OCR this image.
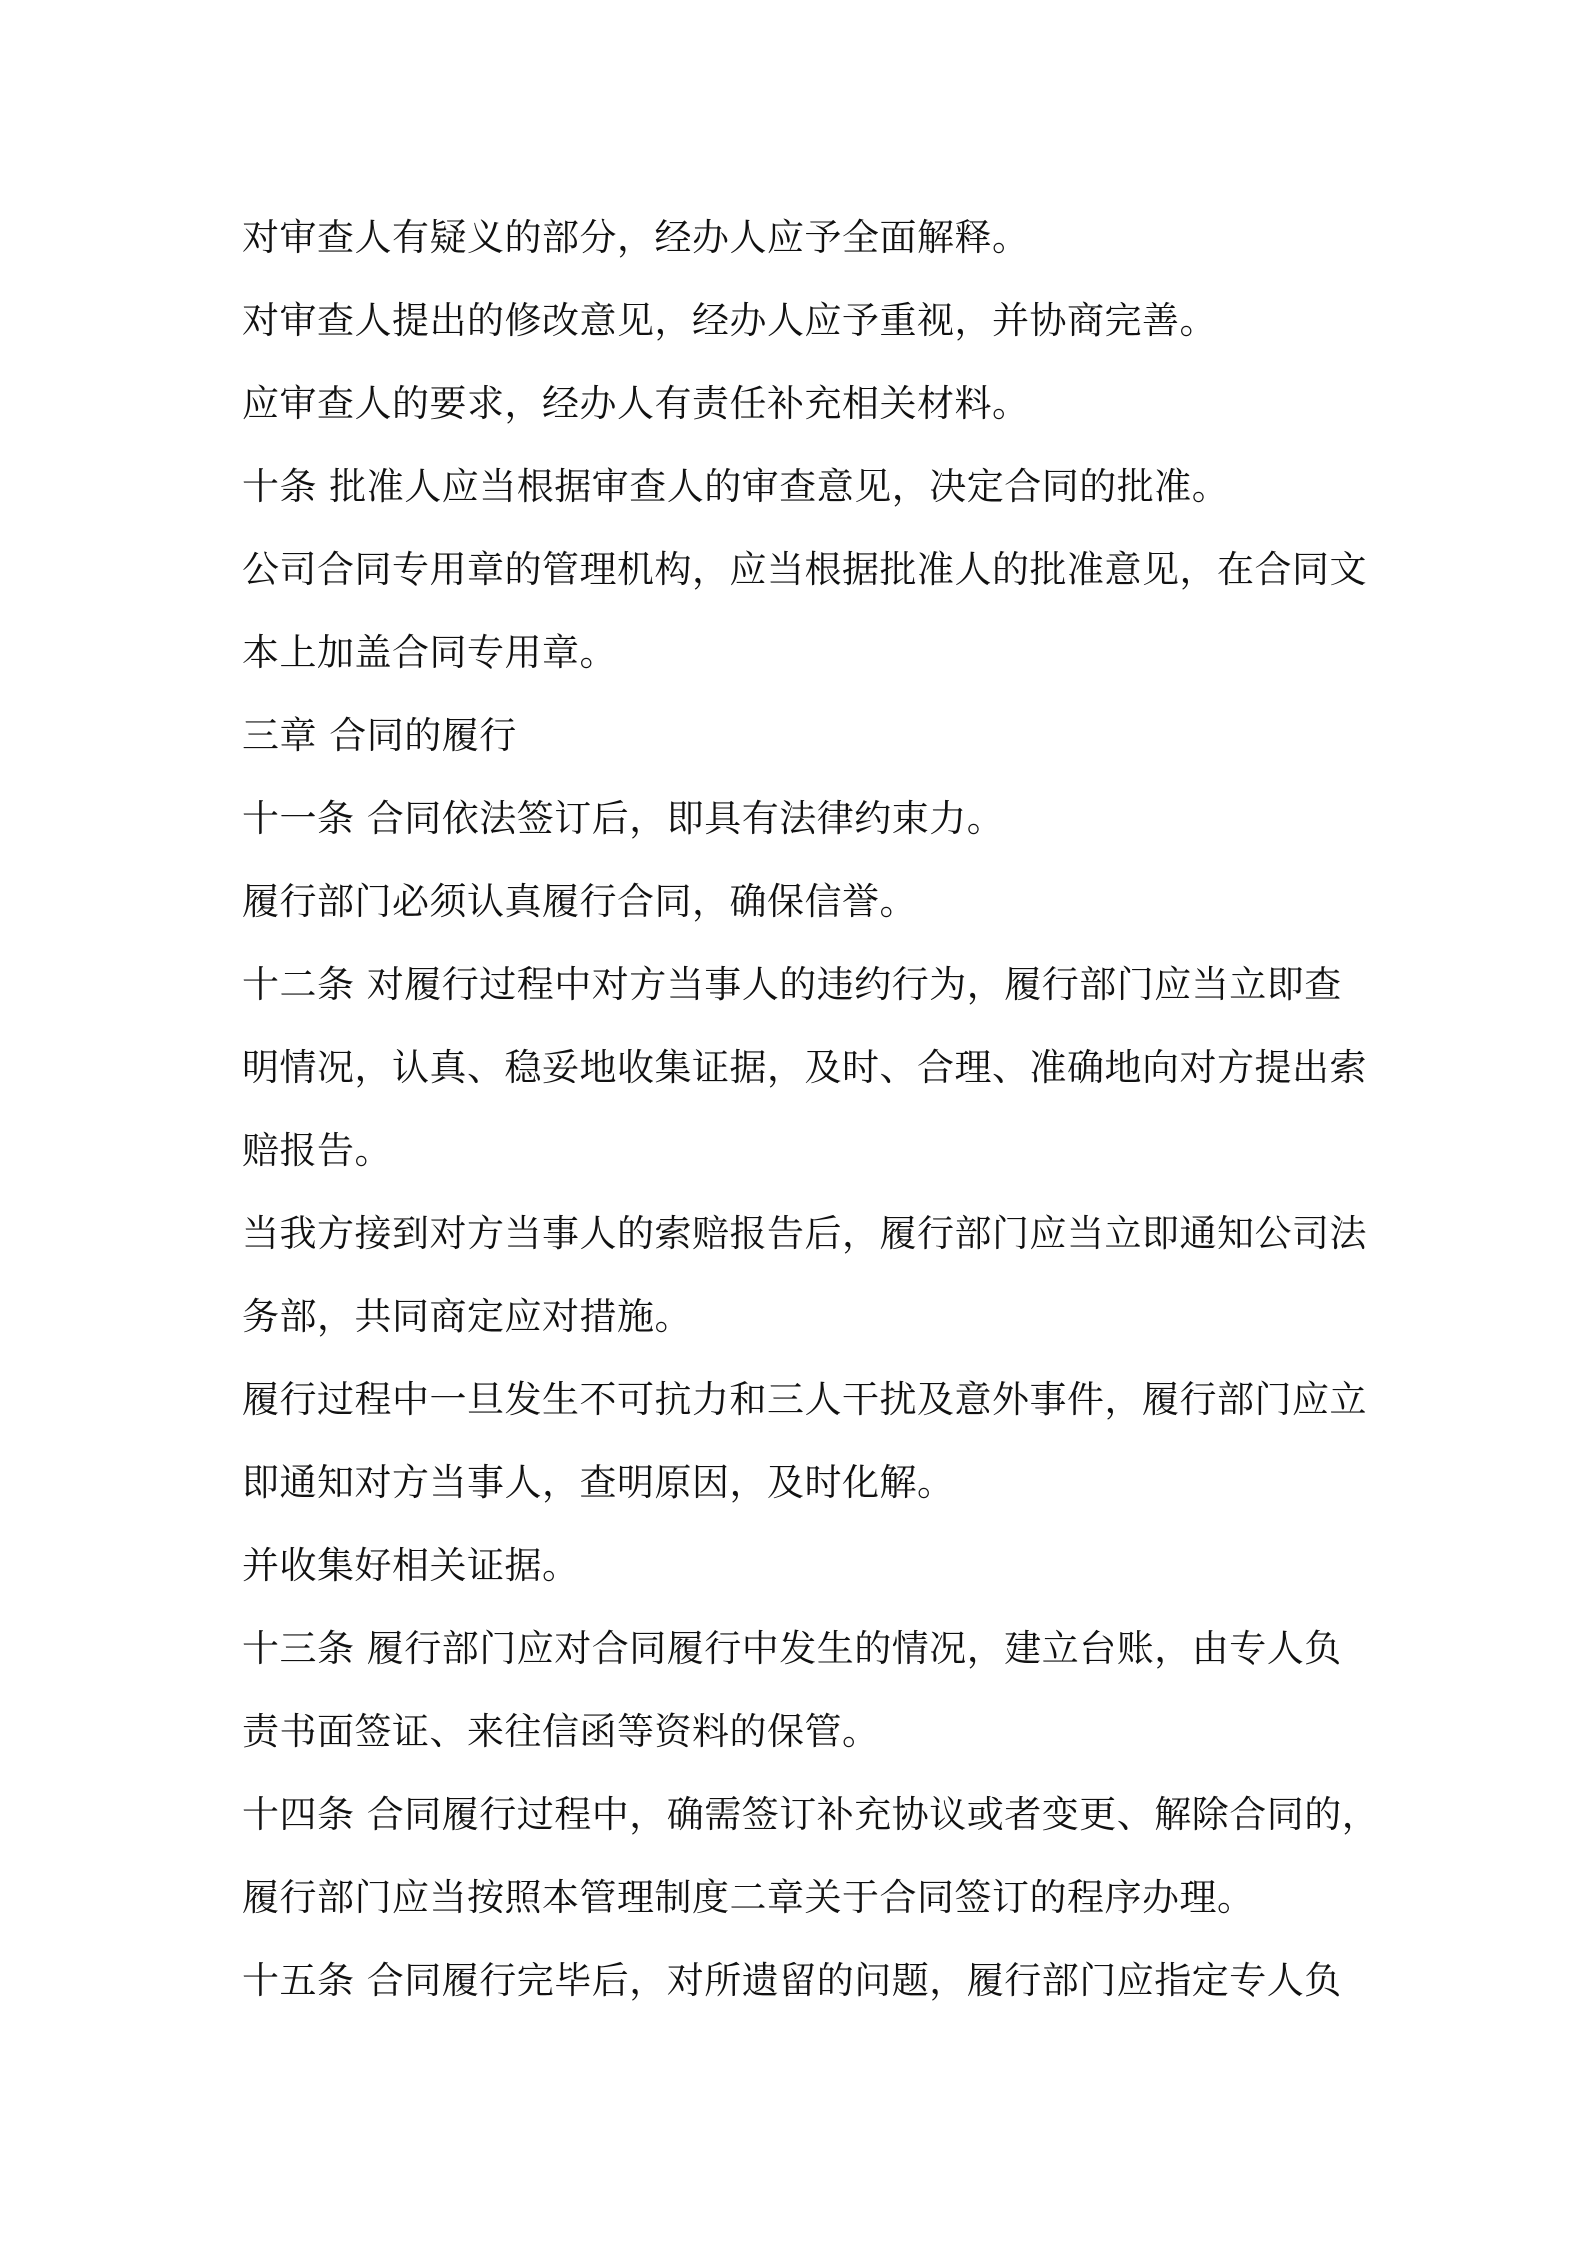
对审查人有疑义的部分，经办人应予全面解释。
对审查人提出的修改意见，经办人应予重视，并协商完善。
应审查人的要求，经办人有责任补充相关材料。
十条 批准人应当根据审查人的审查意见，决定合同的批准。
公司合同专用章的管理机构，应当根据批准人的批准意见，在合同文
本上加盖合同专用章。
三章 合同的履行
十一条 合同依法签订后，即具有法律约束力。
履行部门必须认真履行合同，确保信誉。
十二条 对履行过程中对方当事人的违约行为，履行部门应当立即查
明情况，认真、稳妥地收集证据，及时、合理、准确地向对方提出索
赔报告。
当我方接到对方当事人的索赔报告后，履行部门应当立即通知公司法
务部，共同商定应对措施。
履行过程中一旦发生不可抗力和三人干扰及意外事件，履行部门应立
即通知对方当事人，查明原因，及时化解。
并收集好相关证据。
十三条 履行部门应对合同履行中发生的情况，建立台账，由专人负
责书面签证、来往信函等资料的保管。
十四条 合同履行过程中，确需签订补充协议或者变更、解除合同的，
履行部门应当按照本管理制度二章关于合同签订的程序办理。
十五条 合同履行完毕后，对所遗留的问题，履行部门应指定专人负
